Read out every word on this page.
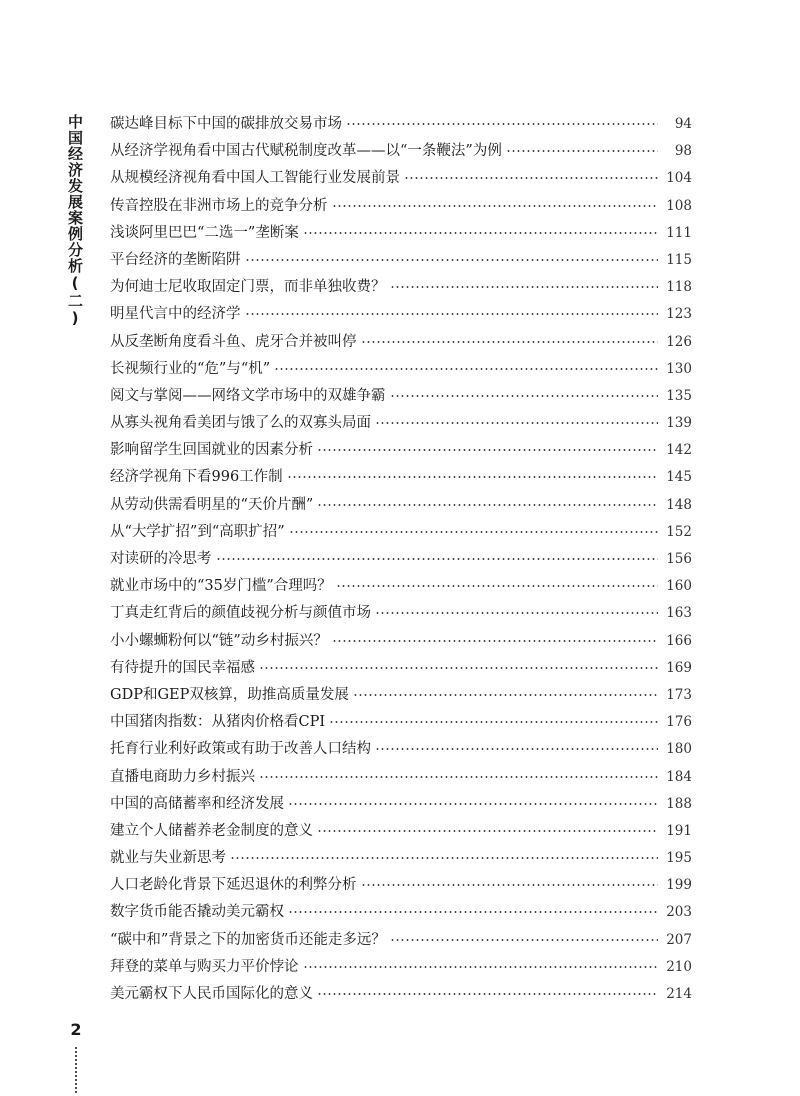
中国经济发展案例分析(二) 碳达峰目标下中国的碳排放交易市场	94
从经济学视角看中国古代赋税制度改革——以“一条鞭法”为例	98
从规模经济视角看中国人工智能行业发展前景	104
传音控股在非洲市场上的竞争分析	108
浅谈阿里巴巴“二选一”垄断案	111
平台经济的垄断陷阱	115
为何迪士尼收取固定门票，而非单独收费？	118
明星代言中的经济学	123
从反垄断角度看斗鱼、虎牙合并被叫停	126
长视频行业的“危”与“机”	130
阅文与掌阅——网络文学市场中的双雄争霸	135
从寡头视角看美团与饿了么的双寡头局面	139
影响留学生回国就业的因素分析	142
经济学视角下看996工作制	145
从劳动供需看明星的“天价片酬”	148
从“大学扩招”到“高职扩招”	152
对读研的冷思考	156
就业市场中的“35岁门槛”合理吗？	160
丁真走红背后的颜值歧视分析与颜值市场	163
小小螺蛳粉何以“链”动乡村振兴？	166
有待提升的国民幸福感	169
GDP和GEP双核算，助推高质量发展	173
中国猪肉指数：从猪肉价格看CPI	176
托育行业利好政策或有助于改善人口结构	180
直播电商助力乡村振兴	184
中国的高储蓄率和经济发展	188
建立个人储蓄养老金制度的意义	191
就业与失业新思考	195
人口老龄化背景下延迟退休的利弊分析	199
数字货币能否撬动美元霸权	203
“碳中和”背景之下的加密货币还能走多远？	207
拜登的菜单与购买力平价悖论	210
美元霸权下人民币国际化的意义	214
2
